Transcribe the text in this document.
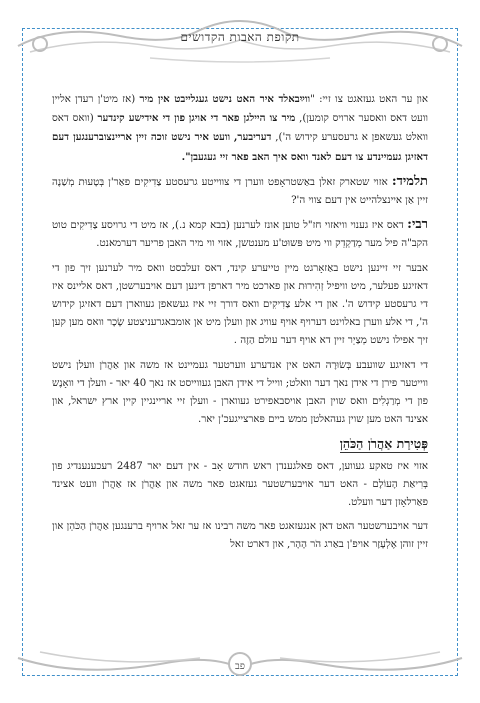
תקופת האבות הקדושים

און ער האט געזאגט צו זיי: "ווײַבאלד איר האט נישט געגלייבט אין מיר (אז מיט'ן רעדן אליין וועט דאס וואסער ארויס קומען), מיר צו היילגן פאר די אויגן פון די אידישע קינדער (וואס דאס וואלט געשאפן א גרעסערע קידוש ה'), דעריבער, וועט איר נישט זוכה זיין אריינצוברענגען דעם דאזיגן געמיינדע צו דעם לאנד וואס איך האב פאר זיי געגעבן".

תלמיד: אזוי שטארק זאלן באַשטראָפט ווערן די צווייטע גרעסטע צַדִיקִים פאַר'ן בְּטָעוּת מְשַׁנֶה זיין אַן איינצלהייט אין דעם צווי ה'?

רבי: דאס איז גענוי וויאזוי חז"ל טוען אונז לערנען (בבא קמא נ.), אז מיט די גרויסע צַדִיקִים טוט הקב"ה פיל מער מְדַקְדֵק ווי מיט פּשוּט'ע מענטשן, אזוי ווי מיר האבן פריער דערמאנט.

אבער זיי זיינען נישט באַזאָרגט מיין טייערע קינד, דאס זעלבסט וואס מיר לערנען זיך פון די דאזיגע פעלער, מיט וויפיל זְהִירוּת און פארכט מיר דארפן דינען דעם אויבערשטן, דאס אליינס איז די גרעסטע קידוש ה'. און די אלע צַדִיקִים וואס דורך זיי איז געשאפן געווארן דעם דאזיגן קידוש ה', די אלע ווערן באלוינט דערויף אויף עוויג און וועלן מיט אן אומבאגרעניצטע שָׂכָר וואס מען קען זיך אפילו נישט מְצַיֵר זיין דא אויף דער עולם הַזֶה .

די דאזיגע שוועבע בְּשׂוּרָה האט אין אנדערע ווערטער געמיינט אז משה און אַהֲרֹן וועלן נישט ווייטער פירן די אידן נאך דער וואלט; ווייל די אידן האבן געווייסט אז נאך 40 יאר - וועלן די וואָנֶש פון די מְרַגְלִים וואס שוין האבן אויסבאפירט געווארן - וועלן זיי אריינגיין קיין ארץ ישראל, און אצינד האט מען שוין געהאלטן ממש ביים פּארצייגעכ'ן יאר.

פְּטִירַת אַהֲרֹן הַכֹּהֵן

אזוי איז טאקע געווען, דאס פאלגענדן ראש חודש אָב - אין דעם יאר 2487 רעכענענדיג פון בְּרִיאַת הָעוֹלָם - האט דער אויבערשטער געזאגט פאר משה און אַהֲרֹן אז אַהֲרֹן וועט אצינד פאַרלאָזן דער וועלט.

דער אויבערשטער האט דאן אנגעזאגט פאר משה רבינו אז ער זאל ארויף ברענגען אַהֲרֹן הַכֹּהֵן און זיין זוהן אֶלְעָזָר אויפ'ן באַרג הֹר הָהָר, און דארט זאל

פב
